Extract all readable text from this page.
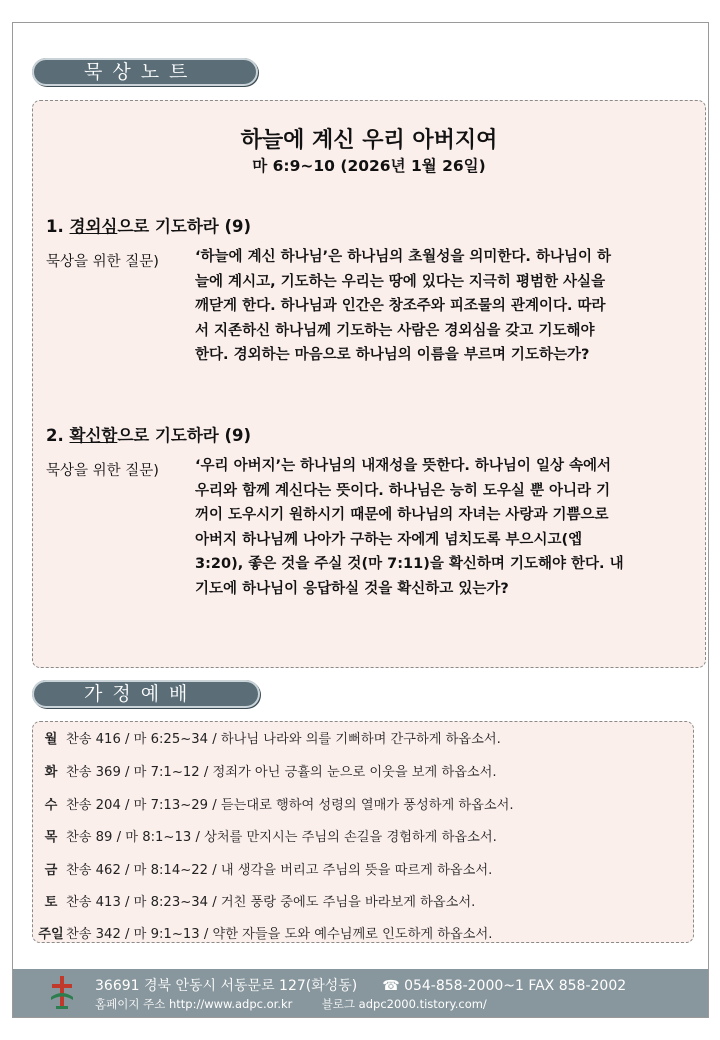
묵상노트
하늘에 계신 우리 아버지여
마 6:9~10 (2026년 1월 26일)
1. 경외심으로 기도하라 (9)
묵상을 위한 질문) ‘하늘에 계신 하나님’은 하나님의 초월성을 의미한다. 하나님이 하
늘에 계시고, 기도하는 우리는 땅에 있다는 지극히 평범한 사실을
깨닫게 한다. 하나님과 인간은 창조주와 피조물의 관계이다. 따라
서 지존하신 하나님께 기도하는 사람은 경외심을 갖고 기도해야
한다. 경외하는 마음으로 하나님의 이름을 부르며 기도하는가?
2. 확신함으로 기도하라 (9)
묵상을 위한 질문) ‘우리 아버지’는 하나님의 내재성을 뜻한다. 하나님이 일상 속에서
우리와 함께 계신다는 뜻이다. 하나님은 능히 도우실 뿐 아니라 기
꺼이 도우시기 원하시기 때문에 하나님의 자녀는 사랑과 기쁨으로
아버지 하나님께 나아가 구하는 자에게 넘치도록 부으시고(엡
3:20), 좋은 것을 주실 것(마 7:11)을 확신하며 기도해야 한다. 내
기도에 하나님이 응답하실 것을 확신하고 있는가?
가정예배
월 찬송 416 / 마 6:25~34 / 하나님 나라와 의를 기뻐하며 간구하게 하옵소서.
화 찬송 369 / 마 7:1~12 / 정죄가 아닌 긍휼의 눈으로 이웃을 보게 하옵소서.
수 찬송 204 / 마 7:13~29 / 듣는대로 행하여 성령의 열매가 풍성하게 하옵소서.
목 찬송 89 / 마 8:1~13 / 상처를 만지시는 주님의 손길을 경험하게 하옵소서.
금 찬송 462 / 마 8:14~22 / 내 생각을 버리고 주님의 뜻을 따르게 하옵소서.
토 찬송 413 / 마 8:23~34 / 거친 풍랑 중에도 주님을 바라보게 하옵소서.
주일 찬송 342 / 마 9:1~13 / 약한 자들을 도와 예수님께로 인도하게 하옵소서.
36691 경북 안동시 서동문로 127(화성동) ☎ 054-858-2000~1 FAX 858-2002
홈페이지 주소 http://www.adpc.or.kr	블로그 adpc2000.tistory.com/
